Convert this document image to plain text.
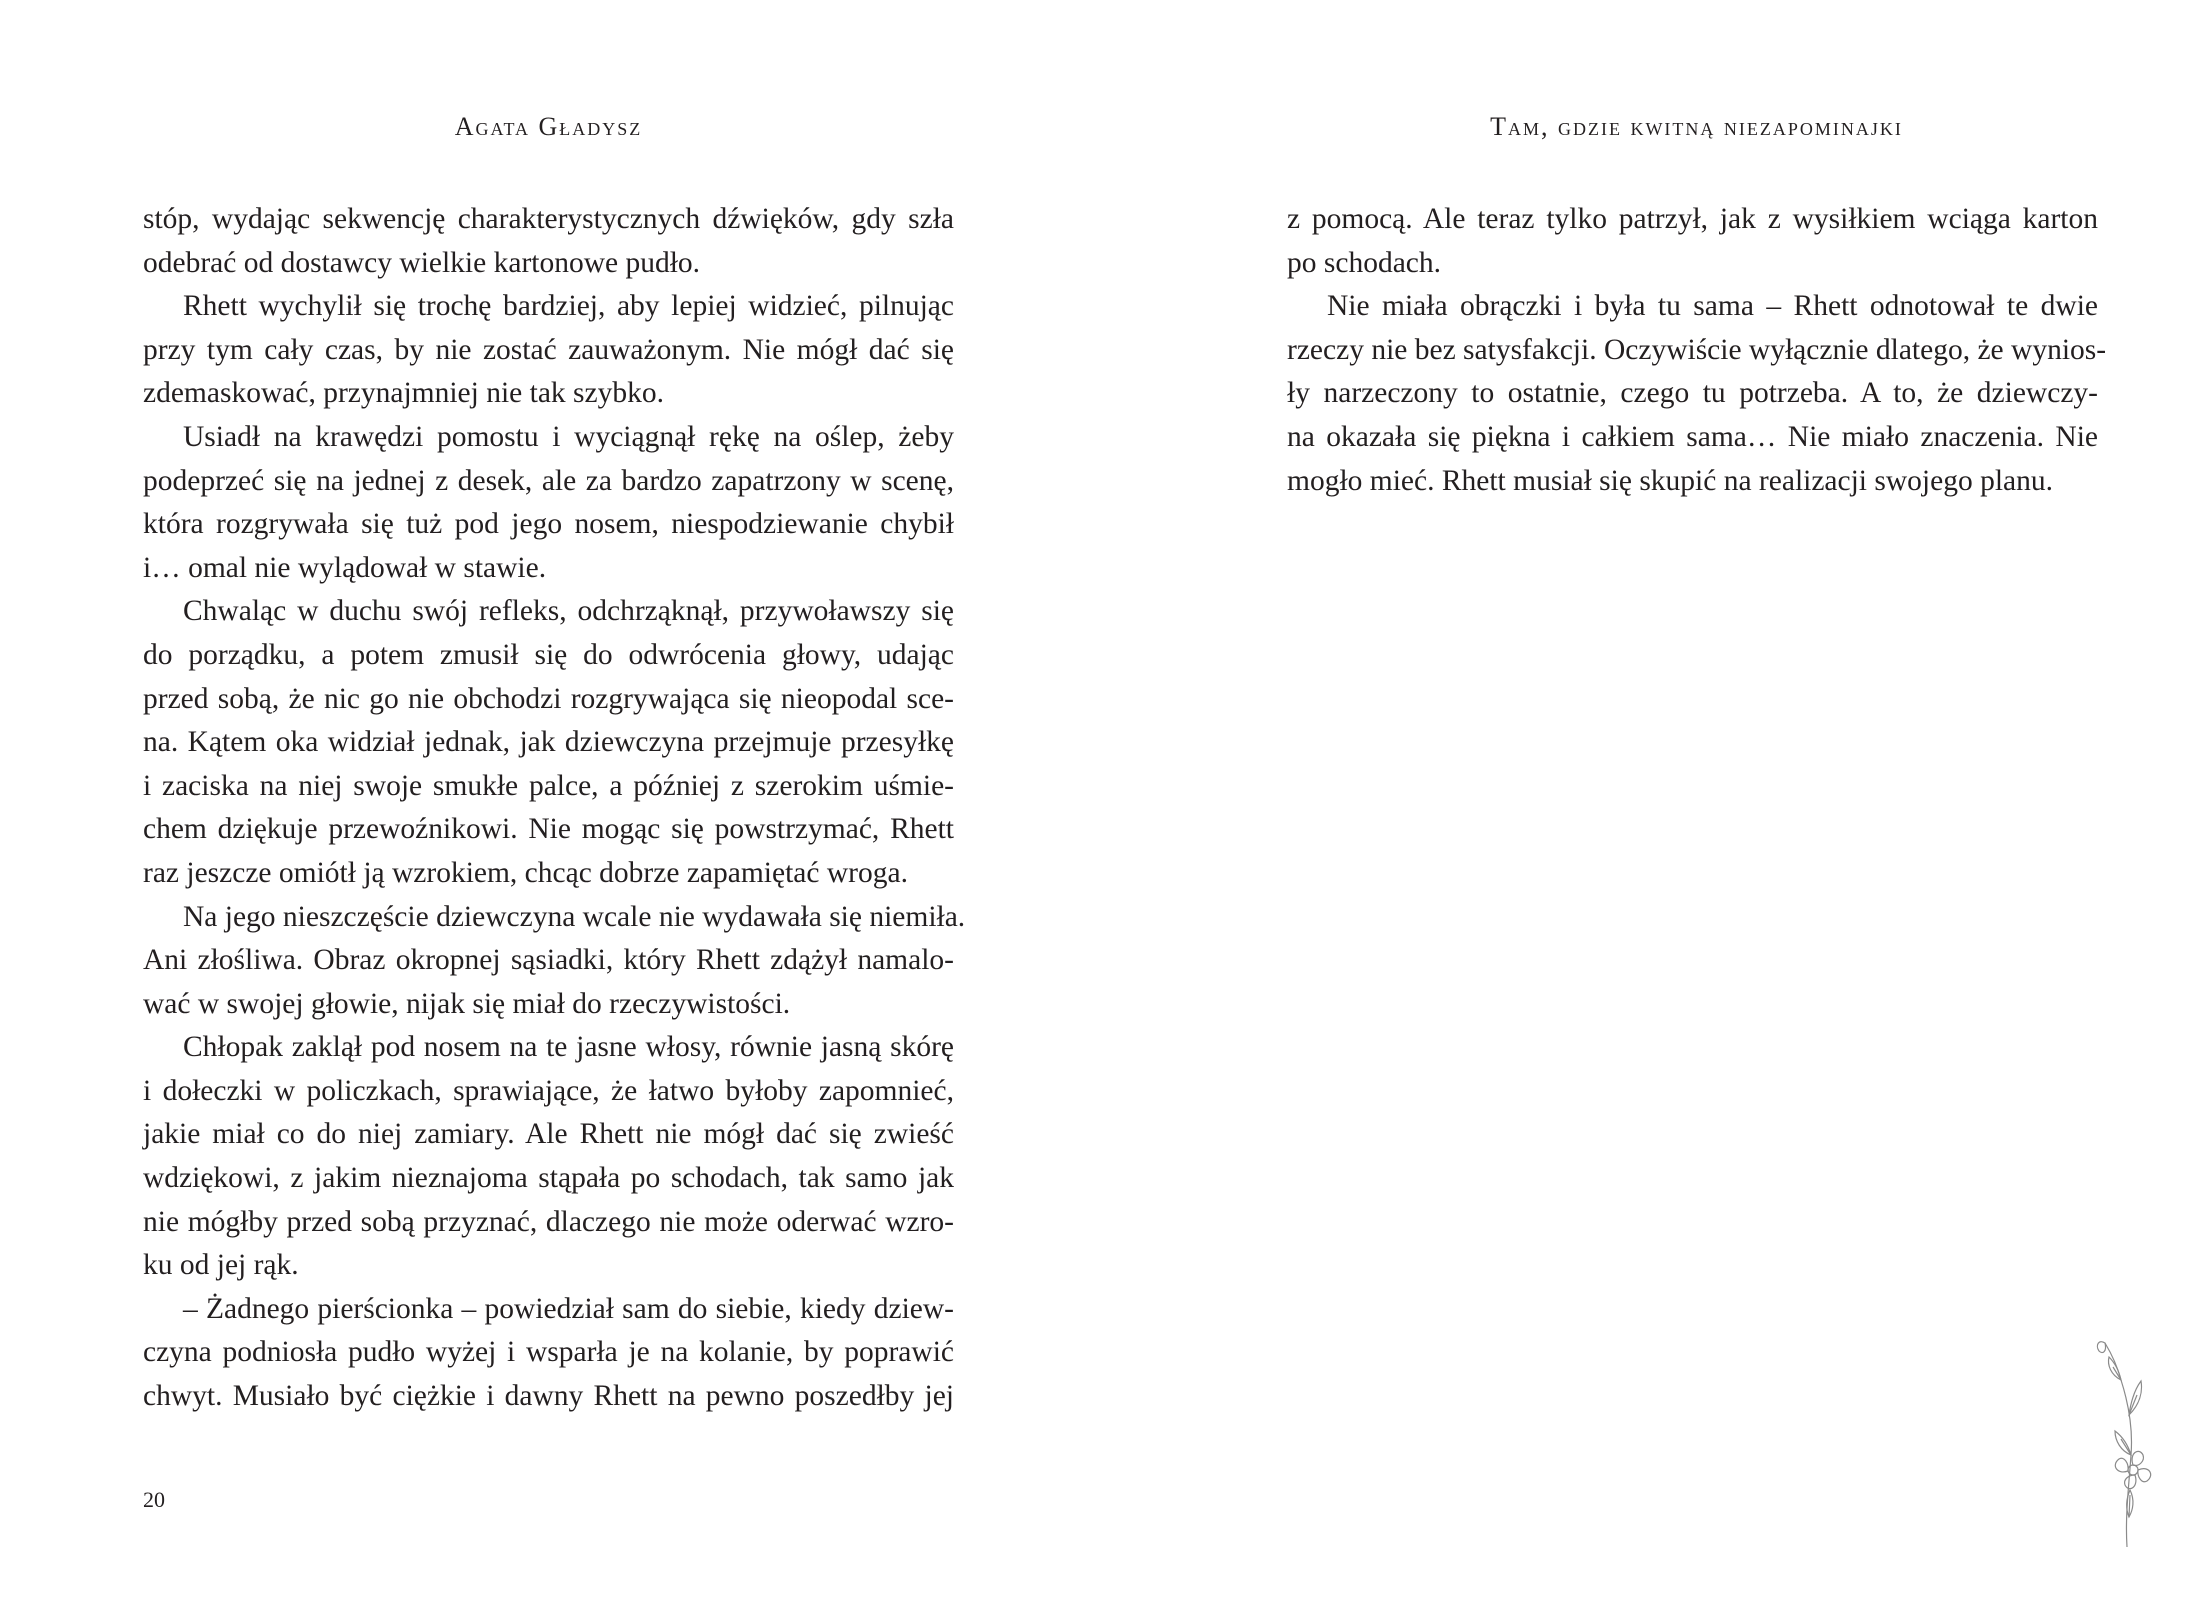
Agata Gładysz
stóp, wydając sekwencję charakterystycznych dźwięków, gdy szła
odebrać od dostawcy wielkie kartonowe pudło.
Rhett wychylił się trochę bardziej, aby lepiej widzieć, pilnując
przy tym cały czas, by nie zostać zauważonym. Nie mógł dać się
zdemaskować, przynajmniej nie tak szybko.
Usiadł na krawędzi pomostu i wyciągnął rękę na oślep, żeby
podeprzeć się na jednej z desek, ale za bardzo zapatrzony w scenę,
która rozgrywała się tuż pod jego nosem, niespodziewanie chybił
i… omal nie wylądował w stawie.
Chwaląc w duchu swój refleks, odchrząknął, przywoławszy się
do porządku, a potem zmusił się do odwrócenia głowy, udając
przed sobą, że nic go nie obchodzi rozgrywająca się nieopodal sce-
na. Kątem oka widział jednak, jak dziewczyna przejmuje przesyłkę
i zaciska na niej swoje smukłe palce, a później z szerokim uśmie-
chem dziękuje przewoźnikowi. Nie mogąc się powstrzymać, Rhett
raz jeszcze omiótł ją wzrokiem, chcąc dobrze zapamiętać wroga.
Na jego nieszczęście dziewczyna wcale nie wydawała się niemiła.
Ani złośliwa. Obraz okropnej sąsiadki, który Rhett zdążył namalo-
wać w swojej głowie, nijak się miał do rzeczywistości.
Chłopak zaklął pod nosem na te jasne włosy, równie jasną skórę
i dołeczki w policzkach, sprawiające, że łatwo byłoby zapomnieć,
jakie miał co do niej zamiary. Ale Rhett nie mógł dać się zwieść
wdziękowi, z jakim nieznajoma stąpała po schodach, tak samo jak
nie mógłby przed sobą przyznać, dlaczego nie może oderwać wzro-
ku od jej rąk.
– Żadnego pierścionka – powiedział sam do siebie, kiedy dziew-
czyna podniosła pudło wyżej i wsparła je na kolanie, by poprawić
chwyt. Musiało być ciężkie i dawny Rhett na pewno poszedłby jej
20
Tam, gdzie kwitną niezapominajki
z pomocą. Ale teraz tylko patrzył, jak z wysiłkiem wciąga karton
po schodach.
Nie miała obrączki i była tu sama – Rhett odnotował te dwie
rzeczy nie bez satysfakcji. Oczywiście wyłącznie dlatego, że wynios-
ły narzeczony to ostatnie, czego tu potrzeba. A to, że dziewczy-
na okazała się piękna i całkiem sama… Nie miało znaczenia. Nie
mogło mieć. Rhett musiał się skupić na realizacji swojego planu.
